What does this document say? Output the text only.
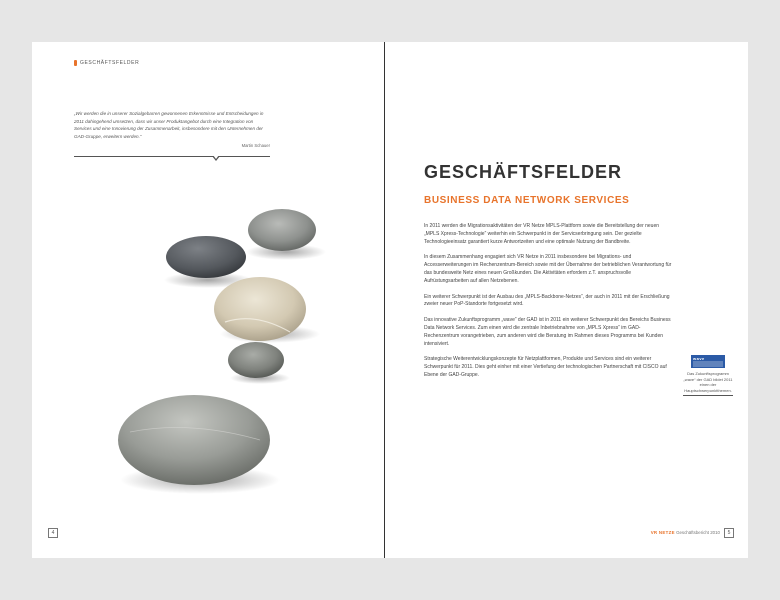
GESCHÄFTSFELDER

„Wir werden die in unserer Sozialgebarren gewonnenen Erkenntnisse und Entscheidungen in 2011 dahingehend umsetzen, dass wir unser Produktangebot durch eine Integration von Services und eine Innovierung der Zusammenarbeit, insbesondere mit den Unternehmen der GAD-Gruppe, erweitern werden.“

Martin Schauer

4
GESCHÄFTSFELDER
BUSINESS DATA NETWORK SERVICES

In 2011 werden die Migrationsaktivitäten der VR Netze MPLS-Plattform sowie die Bereitstellung der neuen „MPLS Xpress-Technologie“ weiterhin ein Schwerpunkt in der Servicserbringung sein. Der gezielte Technologieeinsatz garantiert kurze Antwortzeiten und eine optimale Nutzung der Bandbreite.

In diesem Zusammenhang engagiert sich VR Netze in 2011 insbesondere bei Migrations- und Accesserweiterungen im Rechenzentrum-Bereich sowie mit der Übernahme der betrieblichen Verantwortung für das bundesweite Netz eines neuen Großkunden. Die Aktivitäten erfordern z.T. anspruchsvolle Aufrüstungsarbeiten auf allen Netzebenen.

Ein weiterer Schwerpunkt ist der Ausbau des „MPLS-Backbone-Netzes“, der auch in 2011 mit der Erschließung zweier neuer PoP-Standorte fortgesetzt wird.

Das innovative Zukunftsprogramm „wave“ der GAD ist in 2011 ein weiterer Schwerpunkt des Bereichs Business Data Network Services. Zum einen wird die zentrale Inbetriebnahme von „MPLS Xpress“ im GAD-Rechenzentrum vorangetrieben, zum anderen wird die Beratung im Rahmen dieses Programms bei Kunden intensiviert.

Strategische Weiterentwicklungskonzepte für Netzplattformen, Produkte und Services sind ein weiterer Schwerpunkt für 2011. Dies geht einher mit einer Vertiefung der technologischen Partnerschaft mit CISCO auf Ebene der GAD-Gruppe.

wave

Das Zukunftsprogramm „wave“ der GAD bildet 2011 einen der Hauptschwerpunktthemen.

VR NETZE Geschäftsbericht 2010	5
